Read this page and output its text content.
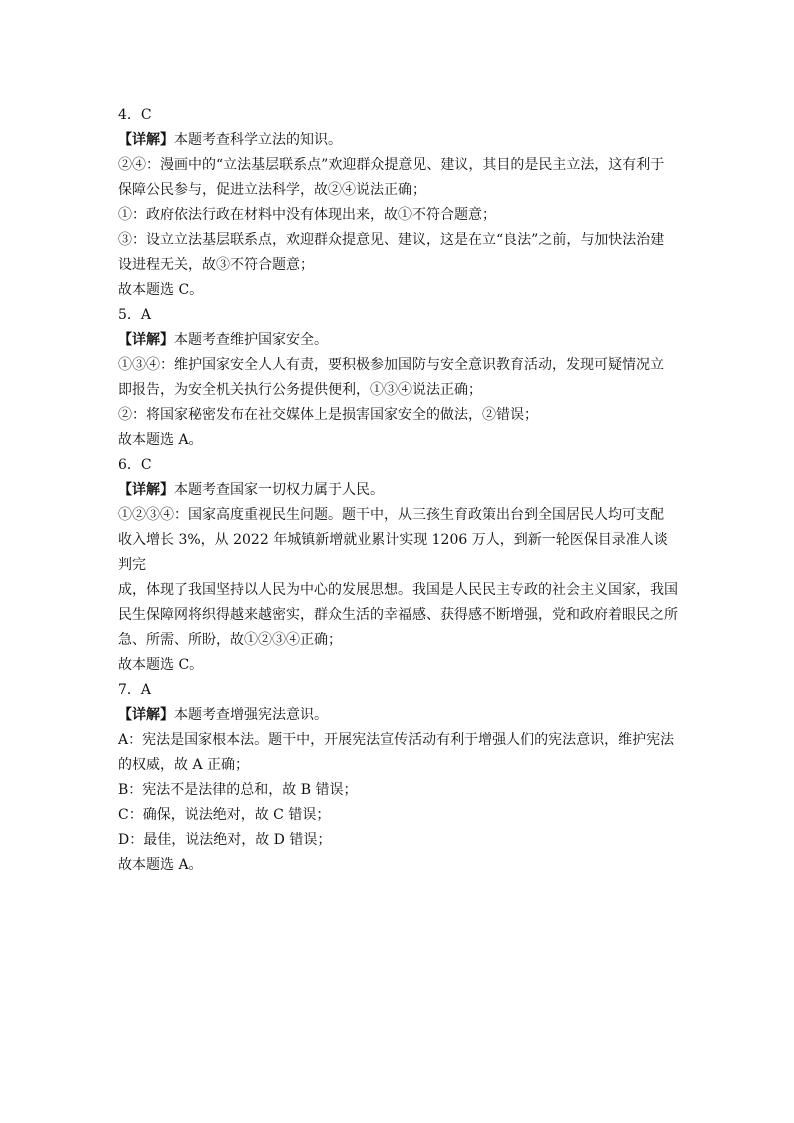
4．C

【详解】本题考查科学立法的知识。

②④：漫画中的“立法基层联系点”欢迎群众提意见、建议，其目的是民主立法，这有利于

保障公民参与，促进立法科学，故②④说法正确；

①：政府依法行政在材料中没有体现出来，故①不符合题意；

③：设立立法基层联系点，欢迎群众提意见、建议，这是在立“良法”之前，与加快法治建

设进程无关，故③不符合题意；

故本题选 C。

5．A

【详解】本题考查维护国家安全。

①③④：维护国家安全人人有责，要积极参加国防与安全意识教育活动，发现可疑情况立

即报告，为安全机关执行公务提供便利，①③④说法正确；

②：将国家秘密发布在社交媒体上是损害国家安全的做法，②错误；

故本题选 A。

6．C

【详解】本题考查国家一切权力属于人民。

①②③④：国家高度重视民生问题。题干中，从三孩生育政策出台到全国居民人均可支配

收入增长 3%，从 2022 年城镇新增就业累计实现 1206 万人，到新一轮医保目录准人谈判完

成，体现了我国坚持以人民为中心的发展思想。我国是人民民主专政的社会主义国家，我国

民生保障网将织得越来越密实，群众生活的幸福感、获得感不断增强，党和政府着眼民之所

急、所需、所盼，故①②③④正确；

故本题选 C。

7．A

【详解】本题考查增强宪法意识。

A：宪法是国家根本法。题干中，开展宪法宣传活动有利于增强人们的宪法意识，维护宪法

的权威，故 A 正确；

B：宪法不是法律的总和，故 B 错误；

C：确保，说法绝对，故 C 错误；

D：最佳，说法绝对，故 D 错误；

故本题选 A。
